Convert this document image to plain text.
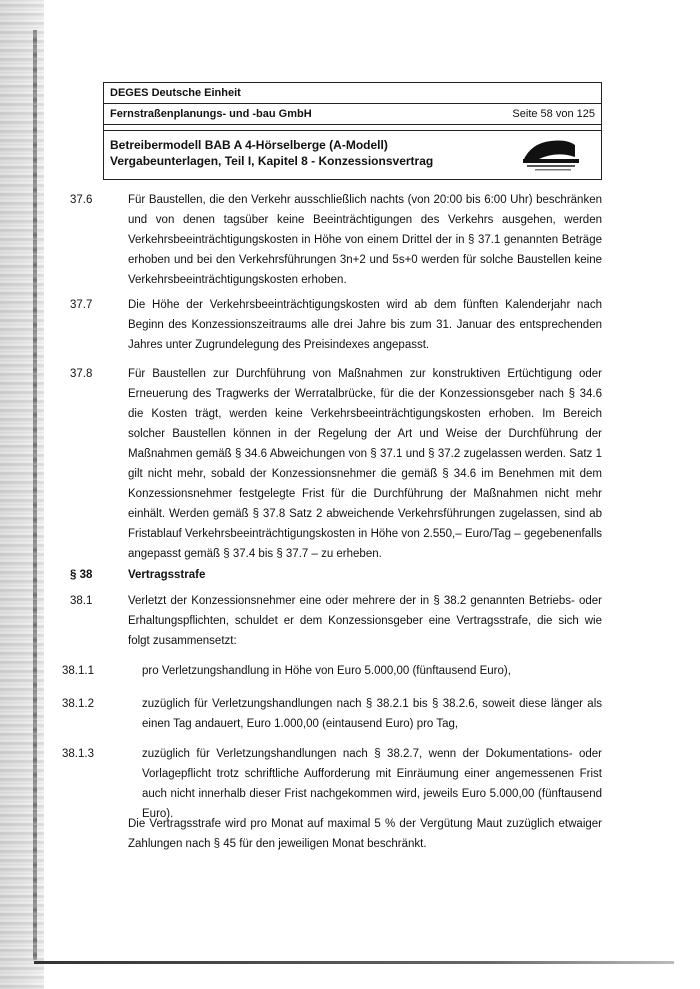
DEGES Deutsche Einheit
Fernstraßenplanungs- und -bau GmbH	Seite 58 von 125
Betreibermodell BAB A 4-Hörselberge (A-Modell)
Vergabeunterlagen, Teil I, Kapitel 8 - Konzessionsvertrag
37.6	Für Baustellen, die den Verkehr ausschließlich nachts (von 20:00 bis 6:00 Uhr) beschränken und von denen tagsüber keine Beeinträchtigungen des Verkehrs ausgehen, werden Verkehrsbeeinträchtigungskosten in Höhe von einem Drittel der in § 37.1 genannten Beträge erhoben und bei den Verkehrsführungen 3n+2 und 5s+0 werden für solche Baustellen keine Verkehrsbeeinträchtigungskosten erhoben.
37.7	Die Höhe der Verkehrsbeeinträchtigungskosten wird ab dem fünften Kalenderjahr nach Beginn des Konzessionszeitraums alle drei Jahre bis zum 31. Januar des entsprechenden Jahres unter Zugrundelegung des Preisindexes angepasst.
37.8	Für Baustellen zur Durchführung von Maßnahmen zur konstruktiven Ertüchtigung oder Erneuerung des Tragwerks der Werratalbrücke, für die der Konzessionsgeber nach § 34.6 die Kosten trägt, werden keine Verkehrsbeeinträchtigungskosten erhoben. Im Bereich solcher Baustellen können in der Regelung der Art und Weise der Durchführung der Maßnahmen gemäß § 34.6 Abweichungen von § 37.1 und § 37.2 zugelassen werden. Satz 1 gilt nicht mehr, sobald der Konzessionsnehmer die gemäß § 34.6 im Benehmen mit dem Konzessionsnehmer festgelegte Frist für die Durchführung der Maßnahmen nicht mehr einhält. Werden gemäß § 37.8 Satz 2 abweichende Verkehrsführungen zugelassen, sind ab Fristablauf Verkehrsbeeinträchtigungskosten in Höhe von 2.550,– Euro/Tag – gegebenenfalls angepasst gemäß § 37.4 bis § 37.7 – zu erheben.
§ 38	Vertragsstrafe
38.1	Verletzt der Konzessionsnehmer eine oder mehrere der in § 38.2 genannten Betriebs- oder Erhaltungspflichten, schuldet er dem Konzessionsgeber eine Vertragsstrafe, die sich wie folgt zusammensetzt:
38.1.1	pro Verletzungshandlung in Höhe von Euro 5.000,00 (fünftausend Euro),
38.1.2	zuzüglich für Verletzungshandlungen nach § 38.2.1 bis § 38.2.6, soweit diese länger als einen Tag andauert, Euro 1.000,00 (eintausend Euro) pro Tag,
38.1.3	zuzüglich für Verletzungshandlungen nach § 38.2.7, wenn der Dokumentations- oder Vorlagepflicht trotz schriftliche Aufforderung mit Einräumung einer angemessenen Frist auch nicht innerhalb dieser Frist nachgekommen wird, jeweils Euro 5.000,00 (fünftausend Euro).
Die Vertragsstrafe wird pro Monat auf maximal 5 % der Vergütung Maut zuzüglich etwaiger Zahlungen nach § 45 für den jeweiligen Monat beschränkt.
